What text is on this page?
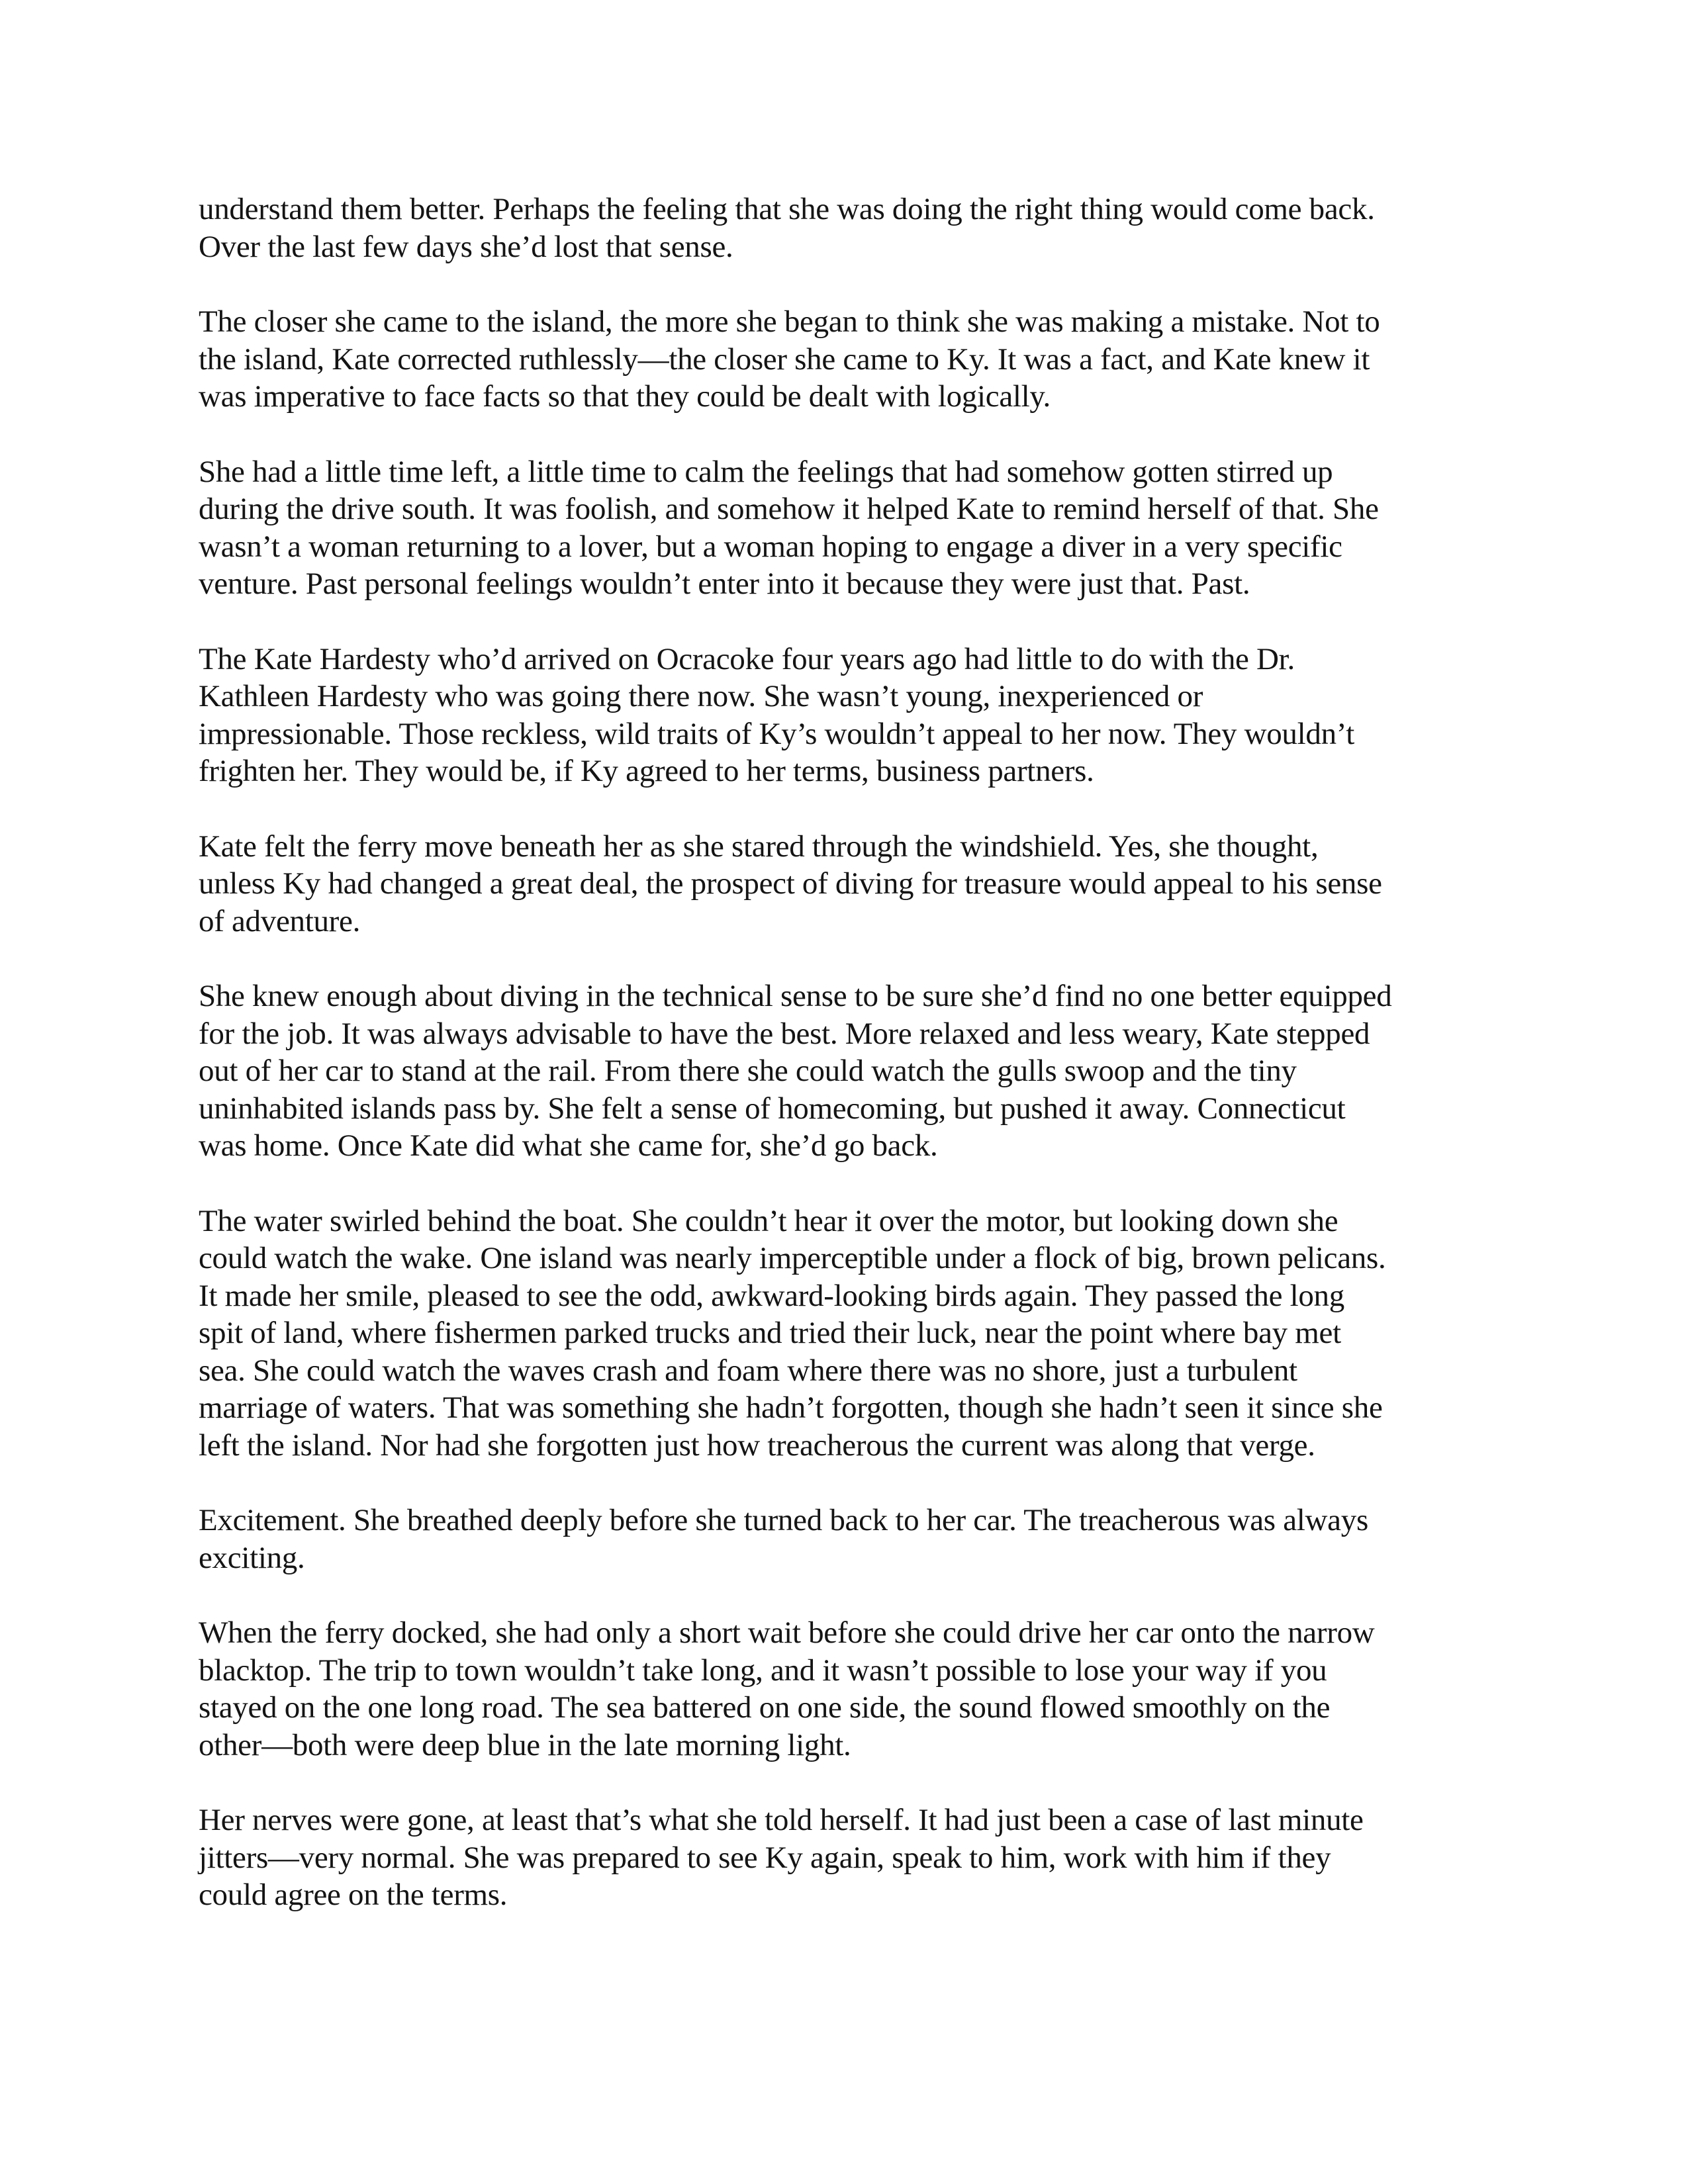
understand them better. Perhaps the feeling that she was doing the right thing would come back.
Over the last few days she’d lost that sense.

The closer she came to the island, the more she began to think she was making a mistake. Not to
the island, Kate corrected ruthlessly—the closer she came to Ky. It was a fact, and Kate knew it
was imperative to face facts so that they could be dealt with logically.

She had a little time left, a little time to calm the feelings that had somehow gotten stirred up
during the drive south. It was foolish, and somehow it helped Kate to remind herself of that. She
wasn’t a woman returning to a lover, but a woman hoping to engage a diver in a very specific
venture. Past personal feelings wouldn’t enter into it because they were just that. Past.

The Kate Hardesty who’d arrived on Ocracoke four years ago had little to do with the Dr.
Kathleen Hardesty who was going there now. She wasn’t young, inexperienced or
impressionable. Those reckless, wild traits of Ky’s wouldn’t appeal to her now. They wouldn’t
frighten her. They would be, if Ky agreed to her terms, business partners.

Kate felt the ferry move beneath her as she stared through the windshield. Yes, she thought,
unless Ky had changed a great deal, the prospect of diving for treasure would appeal to his sense
of adventure.

She knew enough about diving in the technical sense to be sure she’d find no one better equipped
for the job. It was always advisable to have the best. More relaxed and less weary, Kate stepped
out of her car to stand at the rail. From there she could watch the gulls swoop and the tiny
uninhabited islands pass by. She felt a sense of homecoming, but pushed it away. Connecticut
was home. Once Kate did what she came for, she’d go back.

The water swirled behind the boat. She couldn’t hear it over the motor, but looking down she
could watch the wake. One island was nearly imperceptible under a flock of big, brown pelicans.
It made her smile, pleased to see the odd, awkward-looking birds again. They passed the long
spit of land, where fishermen parked trucks and tried their luck, near the point where bay met
sea. She could watch the waves crash and foam where there was no shore, just a turbulent
marriage of waters. That was something she hadn’t forgotten, though she hadn’t seen it since she
left the island. Nor had she forgotten just how treacherous the current was along that verge.

Excitement. She breathed deeply before she turned back to her car. The treacherous was always
exciting.

When the ferry docked, she had only a short wait before she could drive her car onto the narrow
blacktop. The trip to town wouldn’t take long, and it wasn’t possible to lose your way if you
stayed on the one long road. The sea battered on one side, the sound flowed smoothly on the
other—both were deep blue in the late morning light.

Her nerves were gone, at least that’s what she told herself. It had just been a case of last minute
jitters—very normal. She was prepared to see Ky again, speak to him, work with him if they
could agree on the terms.
